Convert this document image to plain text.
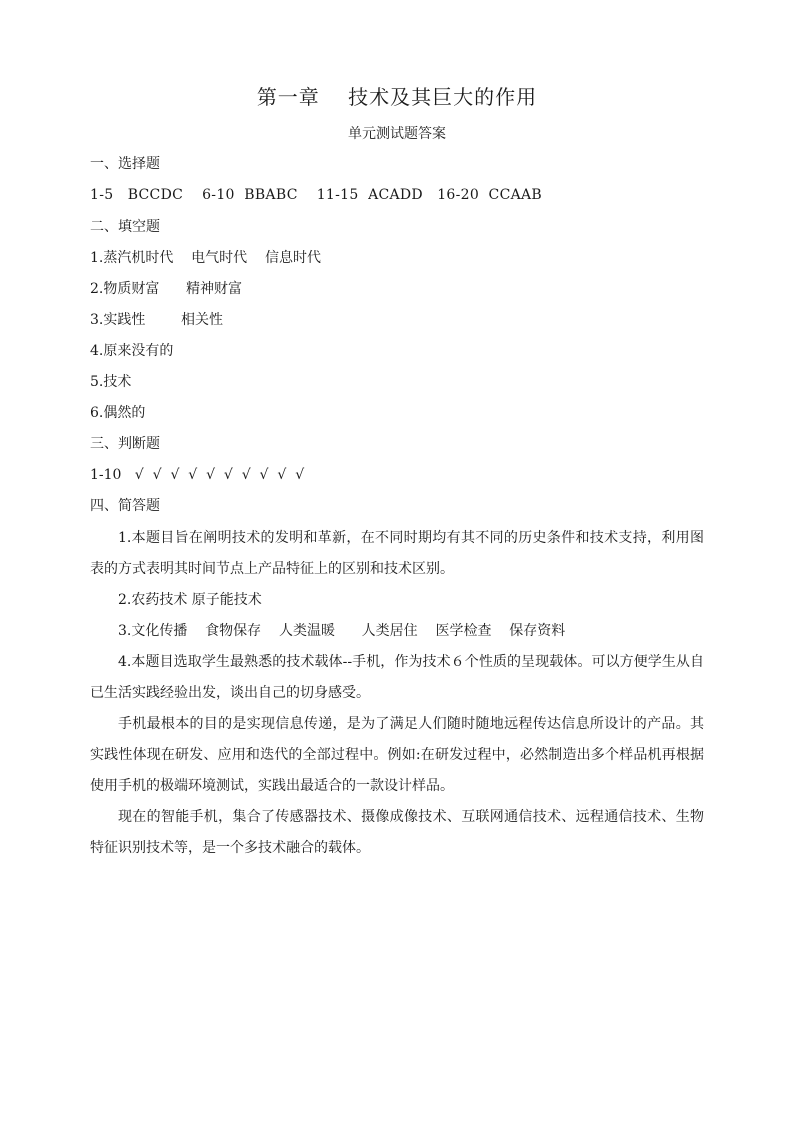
第一章　 技术及其巨大的作用
单元测试题答案
一、选择题
1-5   BCCDC    6-10  BBABC    11-15  ACADD   16-20  CCAAB
二、填空题
1.蒸汽机时代    电气时代    信息时代
2.物质财富      精神财富
3.实践性        相关性
4.原来没有的
5.技术
6.偶然的
三、判断题
1-10   √  √  √  √  √  √  √  √  √  √
四、简答题
1.本题目旨在阐明技术的发明和革新，在不同时期均有其不同的历史条件和技术支持，利用图表的方式表明其时间节点上产品特征上的区别和技术区别。
2.农药技术 原子能技术
3.文化传播    食物保存    人类温暖      人类居住    医学检查    保存资料
4.本题目选取学生最熟悉的技术载体--手机，作为技术６个性质的呈现载体。可以方便学生从自已生活实践经验出发，谈出自己的切身感受。
手机最根本的目的是实现信息传递，是为了满足人们随时随地远程传达信息所设计的产品。其实践性体现在研发、应用和迭代的全部过程中。例如:在研发过程中，必然制造出多个样品机再根据使用手机的极端环境测试，实践出最适合的一款设计样品。
现在的智能手机，集合了传感器技术、摄像成像技术、互联网通信技术、远程通信技术、生物特征识别技术等，是一个多技术融合的载体。
